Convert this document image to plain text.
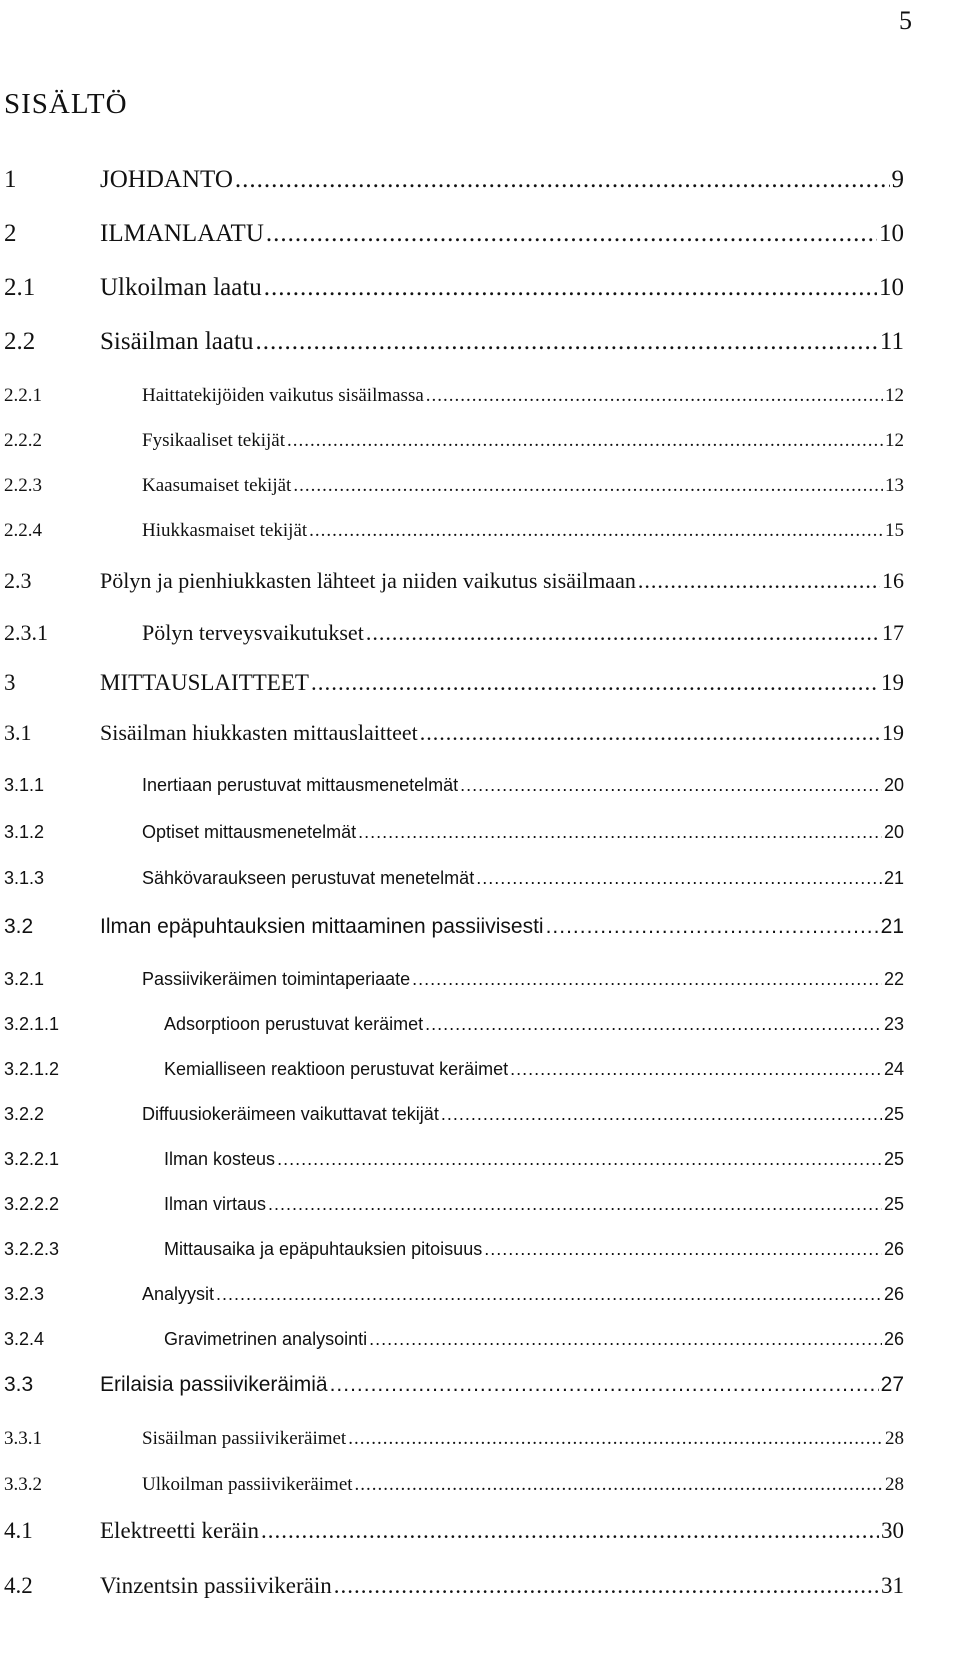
5
SISÄLTÖ
1	JOHDANTO .....	9
2	ILMANLAATU .....	10
2.1	Ulkoilman laatu .....	10
2.2	Sisäilman laatu .....	11
2.2.1	Haittatekijöiden vaikutus sisäilmassa .....	12
2.2.2	Fysikaaliset tekijät .....	12
2.2.3	Kaasumaiset tekijät .....	13
2.2.4	Hiukkasmaiset tekijät .....	15
2.3	Pölyn ja pienhiukkasten lähteet ja niiden vaikutus sisäilmaan .....	16
2.3.1	Pölyn terveysvaikutukset .....	17
3	MITTAUSLAITTEET .....	19
3.1	Sisäilman hiukkasten mittauslaitteet .....	19
3.1.1	Inertiaan perustuvat mittausmenetelmät .....	20
3.1.2	Optiset mittausmenetelmät .....	20
3.1.3	Sähkövaraukseen perustuvat menetelmät .....	21
3.2	Ilman epäpuhtauksien mittaaminen passiivisesti .....	21
3.2.1	Passiivikeräimen toimintaperiaate .....	22
3.2.1.1	Adsorptioon perustuvat keräimet .....	23
3.2.1.2	Kemialliseen reaktioon perustuvat keräimet .....	24
3.2.2	Diffuusiokeräimeen vaikuttavat tekijät .....	25
3.2.2.1	Ilman kosteus .....	25
3.2.2.2	Ilman virtaus .....	25
3.2.2.3	Mittausaika ja epäpuhtauksien pitoisuus .....	26
3.2.3	Analyysit .....	26
3.2.4	Gravimetrinen analysointi .....	26
3.3	Erilaisia passiivikeräimiä .....	27
3.3.1	Sisäilman passiivikeräimet .....	28
3.3.2	Ulkoilman passiivikeräimet .....	28
4.1	Elektreetti keräin .....	30
4.2	Vinzentsin passiivikeräin .....	31
